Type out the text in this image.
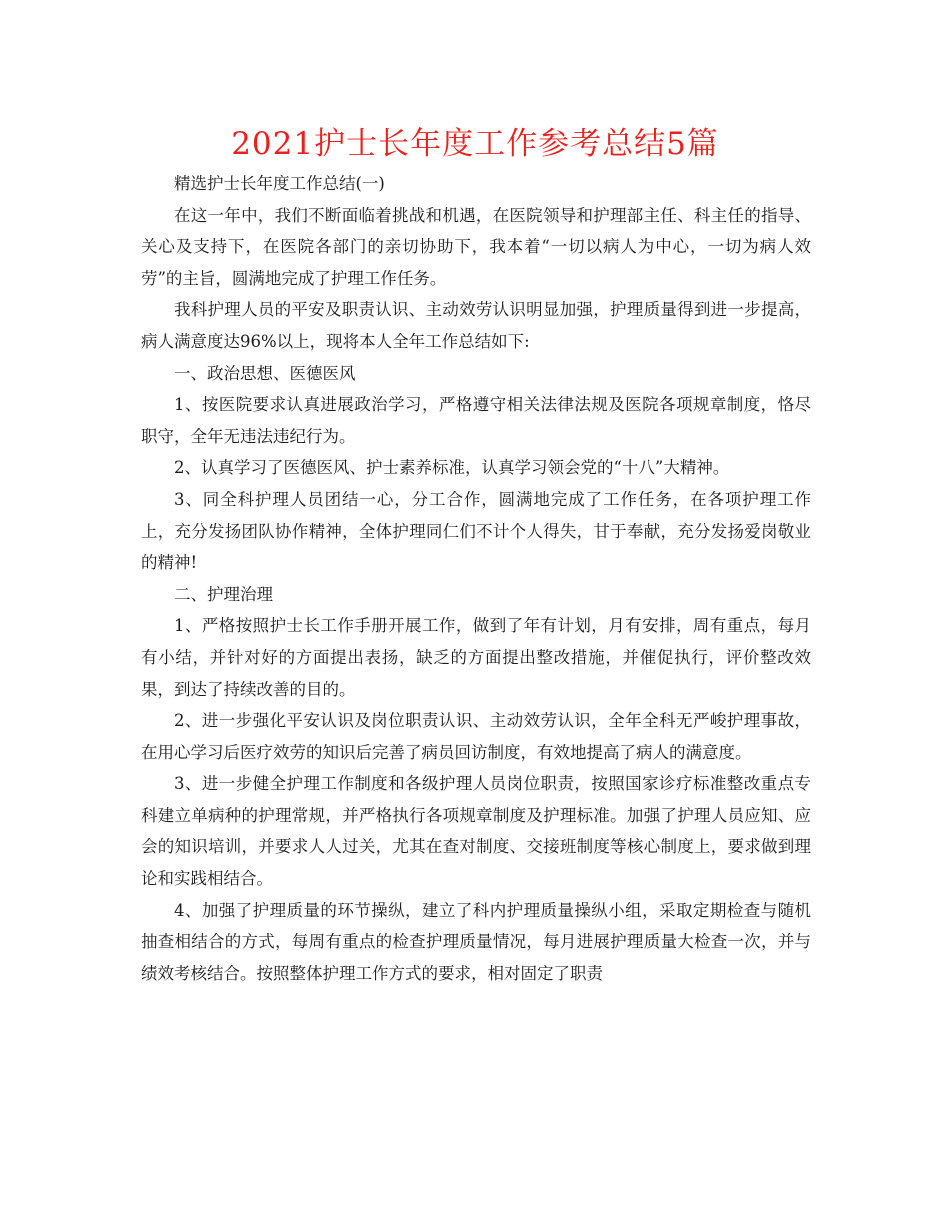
2021护士长年度工作参考总结5篇

精选护士长年度工作总结(一)

在这一年中，我们不断面临着挑战和机遇，在医院领导和护理部主任、科主任的指导、关心及支持下，在医院各部门的亲切协助下，我本着“一切以病人为中心，一切为病人效劳”的主旨，圆满地完成了护理工作任务。

我科护理人员的平安及职责认识、主动效劳认识明显加强，护理质量得到进一步提高，病人满意度达96%以上，现将本人全年工作总结如下:

一、政治思想、医德医风

1、按医院要求认真进展政治学习，严格遵守相关法律法规及医院各项规章制度，恪尽职守，全年无违法违纪行为。

2、认真学习了医德医风、护士素养标准，认真学习领会党的“十八”大精神。

3、同全科护理人员团结一心，分工合作，圆满地完成了工作任务，在各项护理工作上，充分发扬团队协作精神，全体护理同仁们不计个人得失，甘于奉献，充分发扬爱岗敬业的精神!

二、护理治理

1、严格按照护士长工作手册开展工作，做到了年有计划，月有安排，周有重点，每月有小结，并针对好的方面提出表扬，缺乏的方面提出整改措施，并催促执行，评价整改效果，到达了持续改善的目的。

2、进一步强化平安认识及岗位职责认识、主动效劳认识，全年全科无严峻护理事故，在用心学习后医疗效劳的知识后完善了病员回访制度，有效地提高了病人的满意度。

3、进一步健全护理工作制度和各级护理人员岗位职责，按照国家诊疗标准整改重点专科建立单病种的护理常规，并严格执行各项规章制度及护理标准。加强了护理人员应知、应会的知识培训，并要求人人过关，尤其在查对制度、交接班制度等核心制度上，要求做到理论和实践相结合。

4、加强了护理质量的环节操纵，建立了科内护理质量操纵小组，采取定期检查与随机抽查相结合的方式，每周有重点的检查护理质量情况，每月进展护理质量大检查一次，并与绩效考核结合。按照整体护理工作方式的要求，相对固定了职责
